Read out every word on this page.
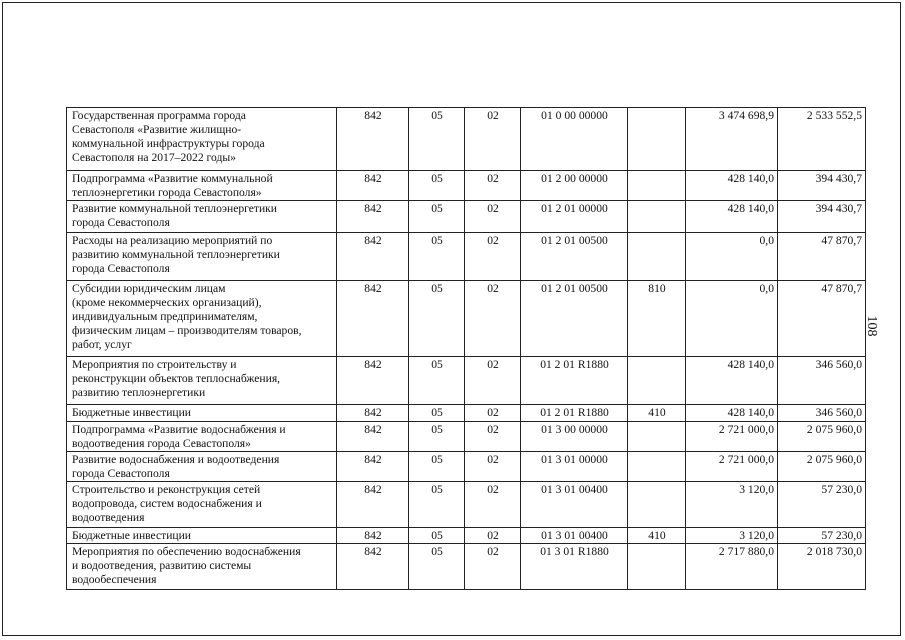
Государственная программа города
Севастополя «Развитие жилищно-
коммунальной инфраструктуры города
Севастополя на 2017–2022 годы»	842	05	02	01 0 00 00000		3 474 698,9	2 533 552,5
Подпрограмма «Развитие коммунальной
теплоэнергетики города Севастополя»	842	05	02	01 2 00 00000		428 140,0	394 430,7
Развитие коммунальной теплоэнергетики
города Севастополя	842	05	02	01 2 01 00000		428 140,0	394 430,7
Расходы на реализацию мероприятий по
развитию коммунальной теплоэнергетики
города Севастополя	842	05	02	01 2 01 00500		0,0	47 870,7
Субсидии юридическим лицам
(кроме некоммерческих организаций),
индивидуальным предпринимателям,
физическим лицам – производителям товаров,
работ, услуг	842	05	02	01 2 01 00500	810	0,0	47 870,7
Мероприятия по строительству и
реконструкции объектов теплоснабжения,
развитию теплоэнергетики	842	05	02	01 2 01 R1880		428 140,0	346 560,0
Бюджетные инвестиции	842	05	02	01 2 01 R1880	410	428 140,0	346 560,0
Подпрограмма «Развитие водоснабжения и
водоотведения города Севастополя»	842	05	02	01 3 00 00000		2 721 000,0	2 075 960,0
Развитие водоснабжения и водоотведения
города Севастополя	842	05	02	01 3 01 00000		2 721 000,0	2 075 960,0
Строительство и реконструкция сетей
водопровода, систем водоснабжения и
водоотведения	842	05	02	01 3 01 00400		3 120,0	57 230,0
Бюджетные инвестиции	842	05	02	01 3 01 00400	410	3 120,0	57 230,0
Мероприятия по обеспечению водоснабжения
и водоотведения, развитию системы
водообеспечения	842	05	02	01 3 01 R1880		2 717 880,0	2 018 730,0
108
